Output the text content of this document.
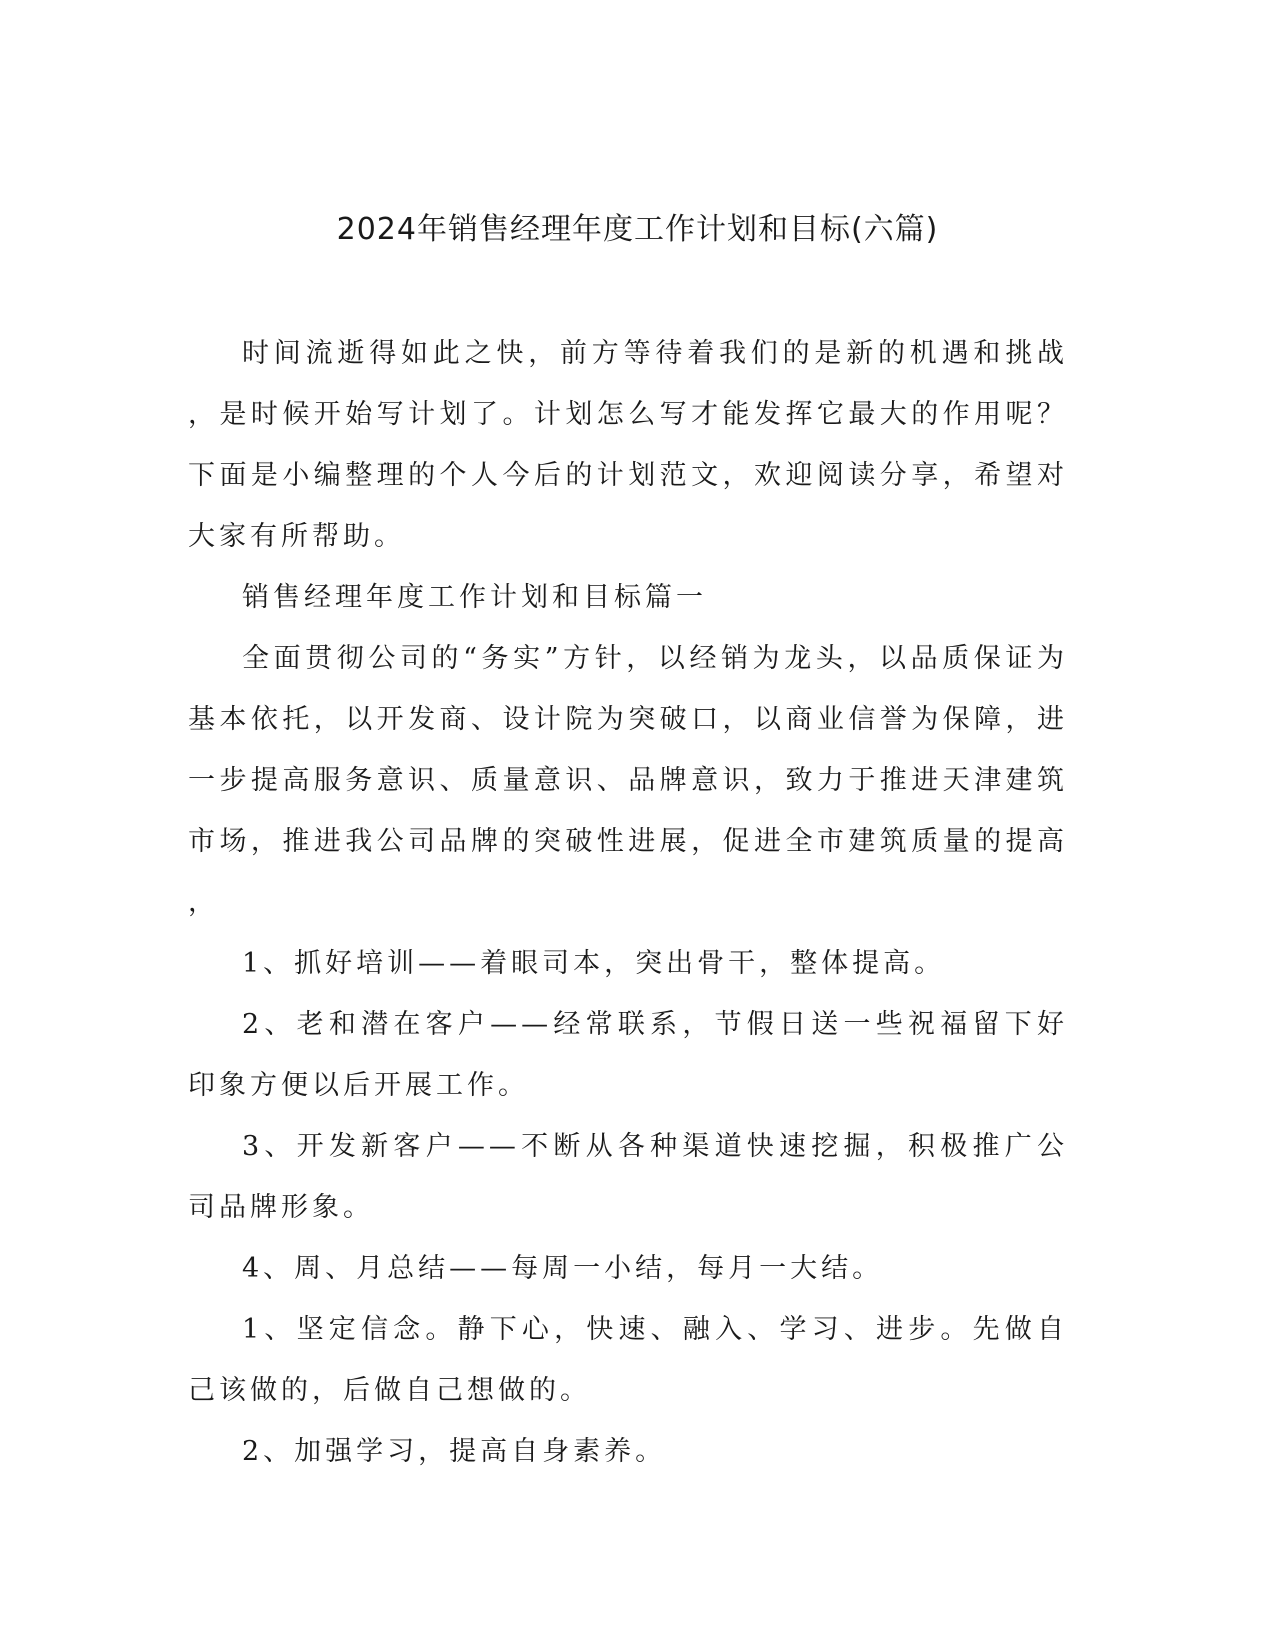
2024年销售经理年度工作计划和目标(六篇)

时间流逝得如此之快，前方等待着我们的是新的机遇和挑战，是时候开始写计划了。计划怎么写才能发挥它最大的作用呢？下面是小编整理的个人今后的计划范文，欢迎阅读分享，希望对大家有所帮助。

销售经理年度工作计划和目标篇一

全面贯彻公司的“务实”方针，以经销为龙头，以品质保证为基本依托，以开发商、设计院为突破口，以商业信誉为保障，进一步提高服务意识、质量意识、品牌意识，致力于推进天津建筑市场，推进我公司品牌的突破性进展，促进全市建筑质量的提高，

1、抓好培训——着眼司本，突出骨干，整体提高。

2、老和潜在客户——经常联系，节假日送一些祝福留下好印象方便以后开展工作。

3、开发新客户——不断从各种渠道快速挖掘，积极推广公司品牌形象。

4、周、月总结——每周一小结，每月一大结。

1、坚定信念。静下心，快速、融入、学习、进步。先做自己该做的，后做自己想做的。

2、加强学习，提高自身素养。
